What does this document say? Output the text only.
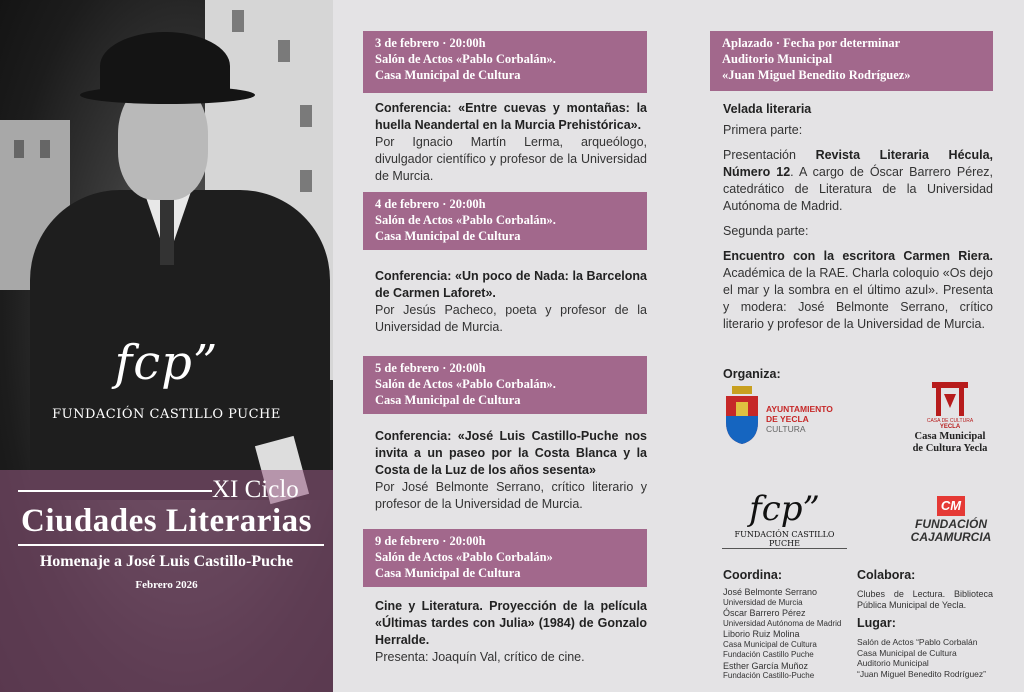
fcp”
FUNDACIÓN CASTILLO PUCHE
XI Ciclo
Ciudades Literarias
Homenaje a José Luis Castillo-Puche
Febrero 2026
3 de febrero · 20:00h
Salón de Actos «Pablo Corbalán».
Casa Municipal de Cultura
Conferencia: «Entre cuevas y montañas: la huella Neandertal en la Murcia Prehistórica».
Por Ignacio Martín Lerma, arqueólogo, divulgador científico y profesor de la Universidad de Murcia.
4 de febrero · 20:00h
Salón de Actos «Pablo Corbalán».
Casa Municipal de Cultura
Conferencia: «Un poco de Nada: la Barcelona de Carmen Laforet».
Por Jesús Pacheco, poeta y profesor de la Universidad de Murcia.
5 de febrero · 20:00h
Salón de Actos «Pablo Corbalán».
Casa Municipal de Cultura
Conferencia: «José Luis Castillo-Puche nos invita a un paseo por la Costa Blanca y la Costa de la Luz de los años sesenta»
Por José Belmonte Serrano, crítico literario y profesor de la Universidad de Murcia.
9 de febrero · 20:00h
Salón de Actos «Pablo Corbalán»
Casa Municipal de Cultura
Cine y Literatura. Proyección de la película «Últimas tardes con Julia» (1984) de Gonzalo Herralde.
Presenta: Joaquín Val, crítico de cine.
Aplazado · Fecha por determinar
Auditorio Municipal
«Juan Miguel Benedito Rodríguez»
Velada literaria
Primera parte:
Presentación Revista Literaria Hécula, Número 12. A cargo de Óscar Barrero Pérez, catedrático de Literatura de la Universidad Autónoma de Madrid.
Segunda parte:
Encuentro con la escritora Carmen Riera. Académica de la RAE. Charla coloquio «Os dejo el mar y la sombra en el último azul». Presenta y modera: José Belmonte Serrano, crítico literario y profesor de la Universidad de Murcia.
Organiza:
AYUNTAMIENTO
DE YECLA
CULTURA
CASA DE CULTURA
YECLA
Casa Municipal
de Cultura Yecla
fcp”
FUNDACIÓN CASTILLO PUCHE
CM
FUNDACIÓN
CAJAMURCIA
Coordina:
José Belmonte Serrano
Universidad de Murcia
Óscar Barrero Pérez
Universidad Autónoma de Madrid
Liborio Ruiz Molina
Casa Municipal de Cultura
Fundación Castillo Puche
Esther García Muñoz
Fundación Castillo-Puche
Colabora:
Clubes de Lectura. Biblioteca Pública Municipal de Yecla.
Lugar:
Salón de Actos “Pablo Corbalán
Casa Municipal de Cultura
Auditorio Municipal
“Juan Miguel Benedito Rodríguez”
